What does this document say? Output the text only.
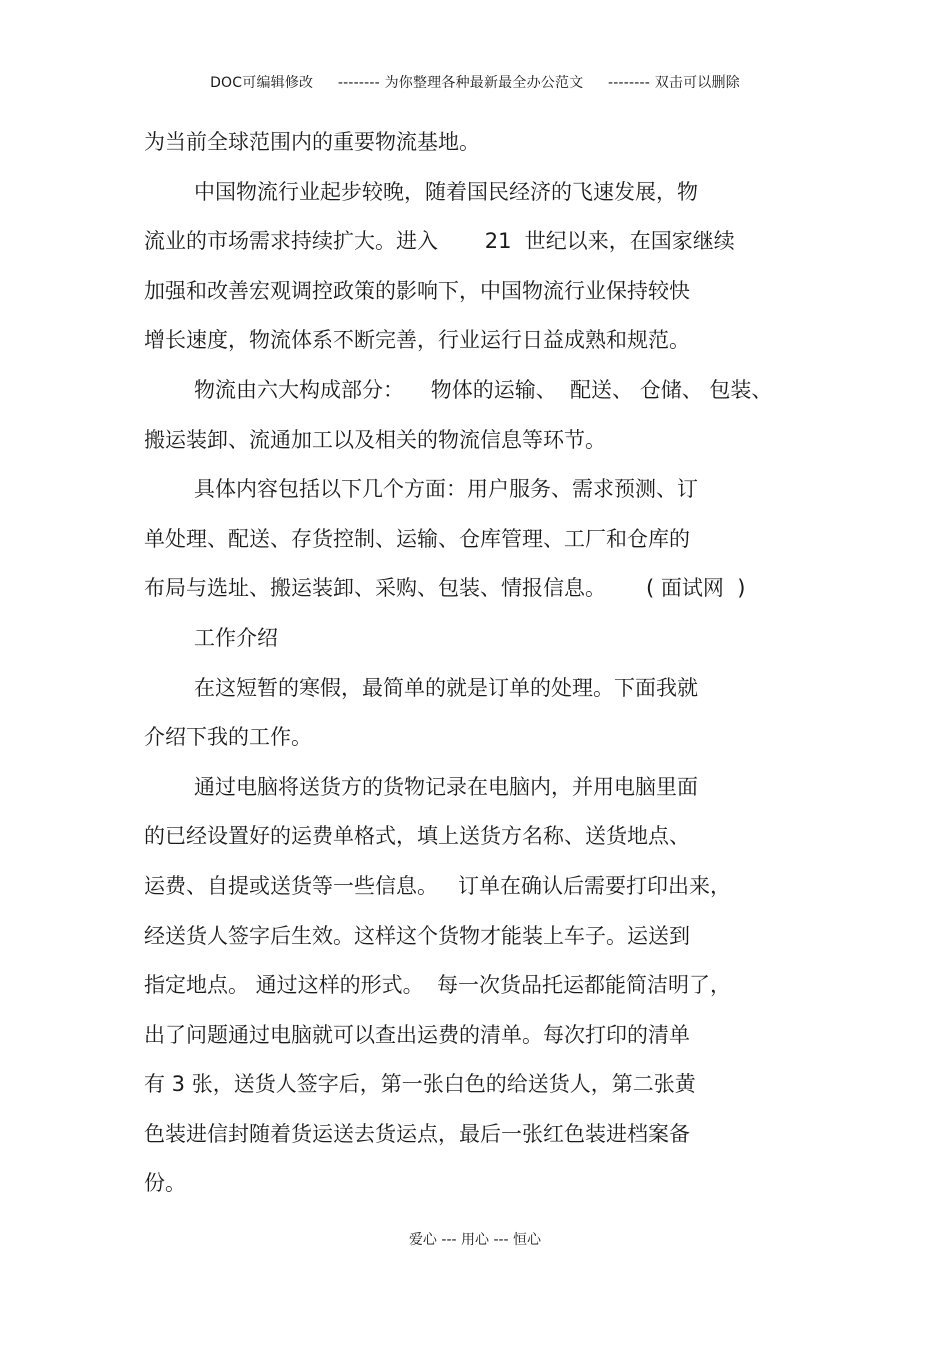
DOC可编辑修改 -------- 为你整理各种最新最全办公范文 -------- 双击可以删除
为当前全球范围内的重要物流基地。
中国物流行业起步较晚，随着国民经济的飞速发展，物
流业的市场需求持续扩大。进入       21  世纪以来，在国家继续
加强和改善宏观调控政策的影响下，中国物流行业保持较快
增长速度，物流体系不断完善，行业运行日益成熟和规范。
物流由六大构成部分：    物体的运输、  配送、 仓储、 包装、
搬运装卸、流通加工以及相关的物流信息等环节。
具体内容包括以下几个方面：用户服务、需求预测、订
单处理、配送、存货控制、运输、仓库管理、工厂和仓库的
布局与选址、搬运装卸、采购、包装、情报信息。      ( 面试网  )
工作介绍
在这短暂的寒假，最简单的就是订单的处理。下面我就
介绍下我的工作。
通过电脑将送货方的货物记录在电脑内，并用电脑里面
的已经设置好的运费单格式，填上送货方名称、送货地点、
运费、自提或送货等一些信息。   订单在确认后需要打印出来，
经送货人签字后生效。这样这个货物才能装上车子。运送到
指定地点。 通过这样的形式。  每一次货品托运都能简洁明了，
出了问题通过电脑就可以查出运费的清单。每次打印的清单
有 3 张，送货人签字后，第一张白色的给送货人，第二张黄
色装进信封随着货运送去货运点，最后一张红色装进档案备
份。
爱心 --- 用心 --- 恒心
